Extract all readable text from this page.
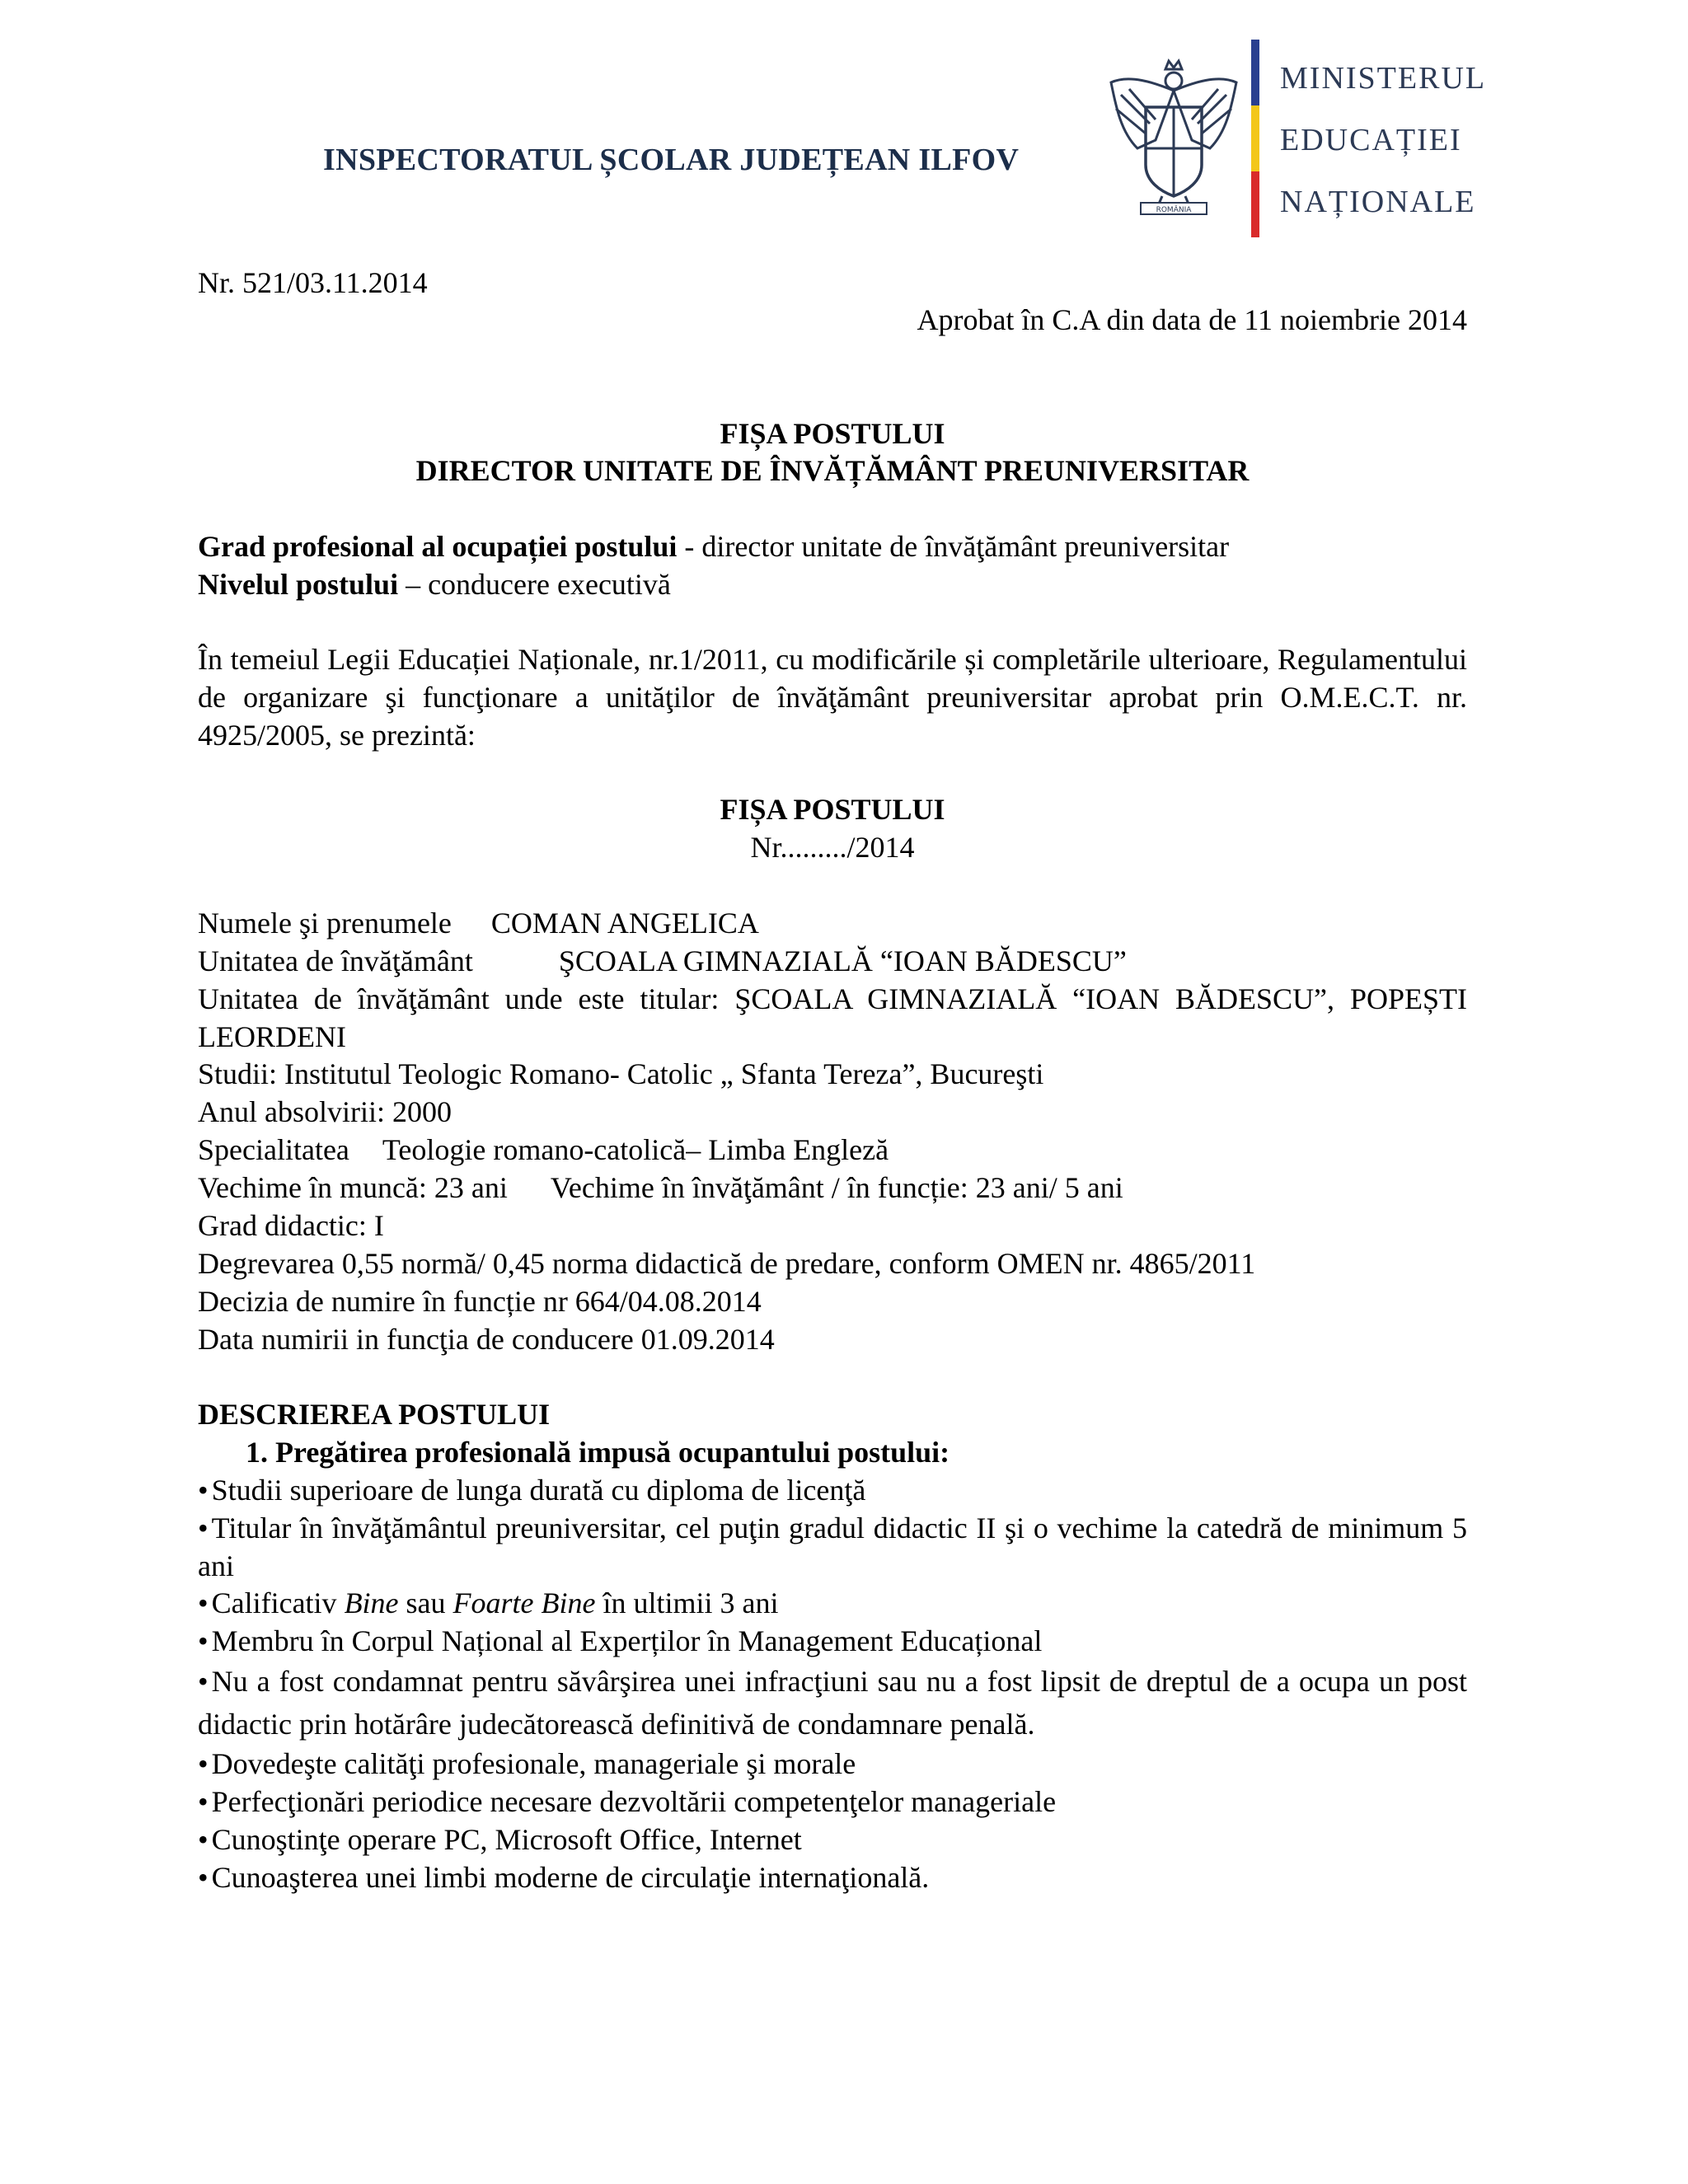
INSPECTORATUL ȘCOLAR JUDEȚEAN ILFOV
ROMÂNIA
MINISTERUL
EDUCAȚIEI
NAȚIONALE
Nr. 521/03.11.2014
Aprobat în C.A din data de 11 noiembrie 2014
FIȘA POSTULUI
DIRECTOR UNITATE DE ÎNVĂȚĂMÂNT PREUNIVERSITAR
Grad profesional al ocupației postului - director unitate de învăţământ preuniversitar
Nivelul postului – conducere executivă
În temeiul Legii Educației Naționale, nr.1/2011, cu modificările și completările ulterioare, Regulamentului de organizare şi funcţionare a unităţilor de învăţământ preuniversitar aprobat prin O.M.E.C.T. nr. 4925/2005, se prezintă:
FIȘA POSTULUI
Nr........./2014
Numele şi prenumele COMAN ANGELICA
Unitatea de învăţământ	ŞCOALA GIMNAZIALĂ “IOAN BĂDESCU”
Unitatea de învăţământ unde este titular: ŞCOALA GIMNAZIALĂ “IOAN BĂDESCU”, POPEȘTI LEORDENI
Studii: Institutul Teologic Romano- Catolic „ Sfanta Tereza”, Bucureşti
Anul absolvirii: 2000
Specialitatea Teologie romano-catolică– Limba Engleză
Vechime în muncă: 23 ani Vechime în învăţământ / în funcție: 23 ani/ 5 ani
Grad didactic: I
Degrevarea 0,55 normă/ 0,45 norma didactică de predare, conform OMEN nr. 4865/2011
Decizia de numire în funcție nr 664/04.08.2014
Data numirii in funcţia de conducere 01.09.2014
DESCRIEREA POSTULUI
1. Pregătirea profesională impusă ocupantului postului:
• Studii superioare de lunga durată cu diploma de licenţă
• Titular în învăţământul preuniversitar, cel puţin gradul didactic II şi o vechime la catedră de minimum 5 ani
• Calificativ Bine sau Foarte Bine în ultimii 3 ani
• Membru în Corpul Național al Experților în Management Educațional
• Nu a fost condamnat pentru săvârşirea unei infracţiuni sau nu a fost lipsit de dreptul de a ocupa un post didactic prin hotărâre judecătorească definitivă de condamnare penală.
• Dovedeşte calităţi profesionale, manageriale şi morale
• Perfecţionări periodice necesare dezvoltării competenţelor manageriale
• Cunoştinţe operare PC, Microsoft Office, Internet
• Cunoaşterea unei limbi moderne de circulaţie internaţională.
